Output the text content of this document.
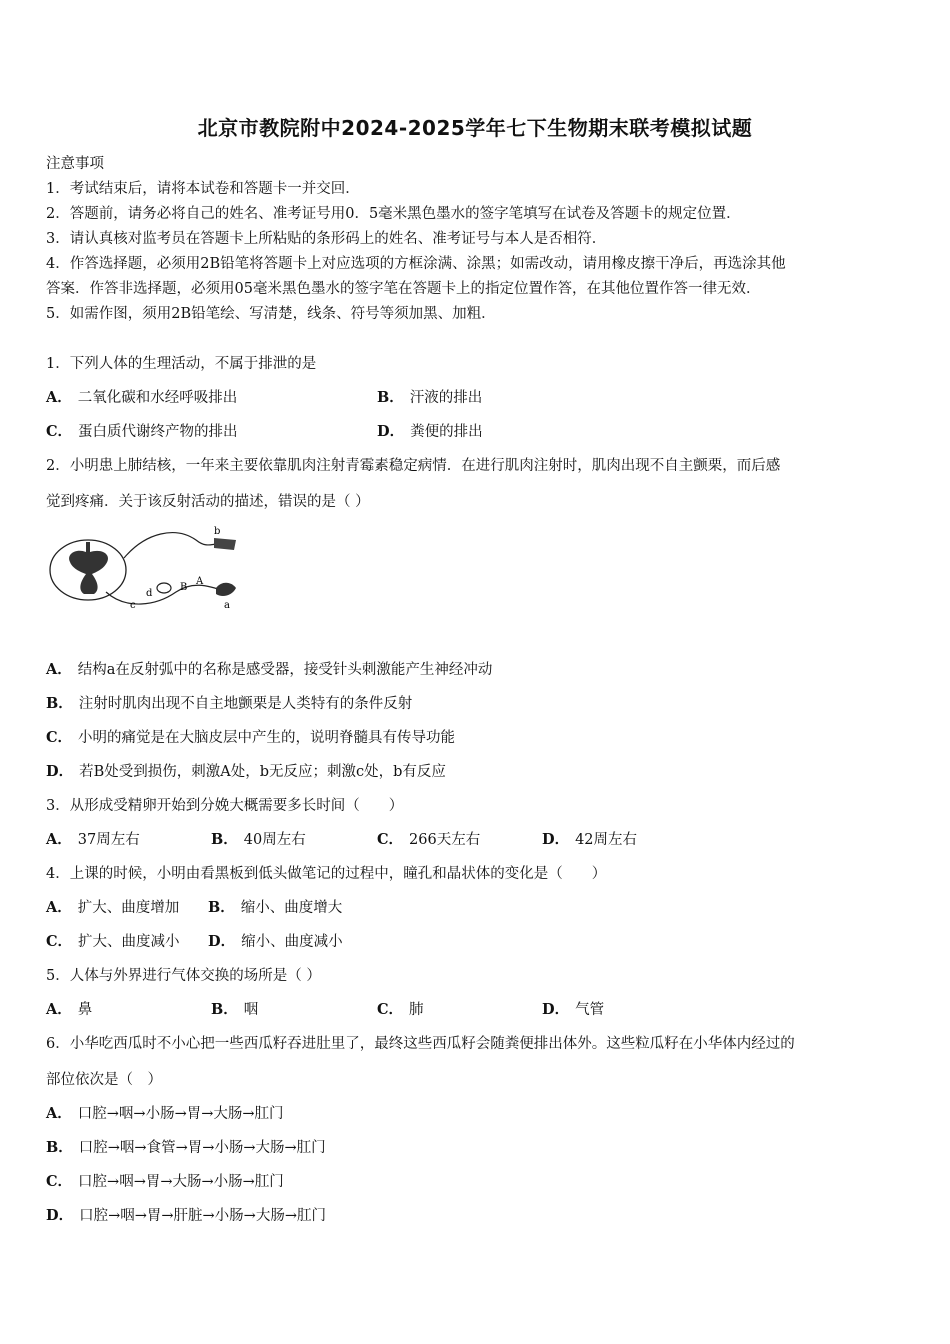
北京市教院附中2024-2025学年七下生物期末联考模拟试题
注意事项
1．考试结束后，请将本试卷和答题卡一并交回．
2．答题前，请务必将自己的姓名、准考证号用0．5毫米黑色墨水的签字笔填写在试卷及答题卡的规定位置．
3．请认真核对监考员在答题卡上所粘贴的条形码上的姓名、准考证号与本人是否相符．
4．作答选择题，必须用2B铅笔将答题卡上对应选项的方框涂满、涂黑；如需改动，请用橡皮擦干净后，再选涂其他
答案．作答非选择题，必须用05毫米黑色墨水的签字笔在答题卡上的指定位置作答，在其他位置作答一律无效．
5．如需作图，须用2B铅笔绘、写清楚，线条、符号等须加黑、加粗．
1．下列人体的生理活动，不属于排泄的是
A． 二氧化碳和水经呼吸排出	B． 汗液的排出
C． 蛋白质代谢终产物的排出	D． 粪便的排出
2．小明患上肺结核，一年来主要依靠肌肉注射青霉素稳定病情．在进行肌肉注射时，肌肉出现不自主颤栗，而后感
觉到疼痛．关于该反射活动的描述，错误的是（ ）
b
A
B
d
c	a
A． 结构a在反射弧中的名称是感受器，接受针头刺激能产生神经冲动
B． 注射时肌肉出现不自主地颤栗是人类特有的条件反射
C． 小明的痛觉是在大脑皮层中产生的，说明脊髓具有传导功能
D． 若B处受到损伤，刺激A处，b无反应；刺激c处，b有反应
3．从形成受精卵开始到分娩大概需要多长时间（　　）
A． 37周左右	B． 40周左右	C． 266天左右	D． 42周左右
4．上课的时候，小明由看黑板到低头做笔记的过程中，瞳孔和晶状体的变化是（　　）
A． 扩大、曲度增加 B． 缩小、曲度增大
C． 扩大、曲度减小 D． 缩小、曲度减小
5．人体与外界进行气体交换的场所是（ ）
A． 鼻	B． 咽	C． 肺	D． 气管
6．小华吃西瓜时不小心把一些西瓜籽吞进肚里了，最终这些西瓜籽会随粪便排出体外。这些粒瓜籽在小华体内经过的
部位依次是（　）
A． 口腔→咽→小肠→胃→大肠→肛门
B． 口腔→咽→食管→胃→小肠→大肠→肛门
C． 口腔→咽→胃→大肠→小肠→肛门
D． 口腔→咽→胃→肝脏→小肠→大肠→肛门
